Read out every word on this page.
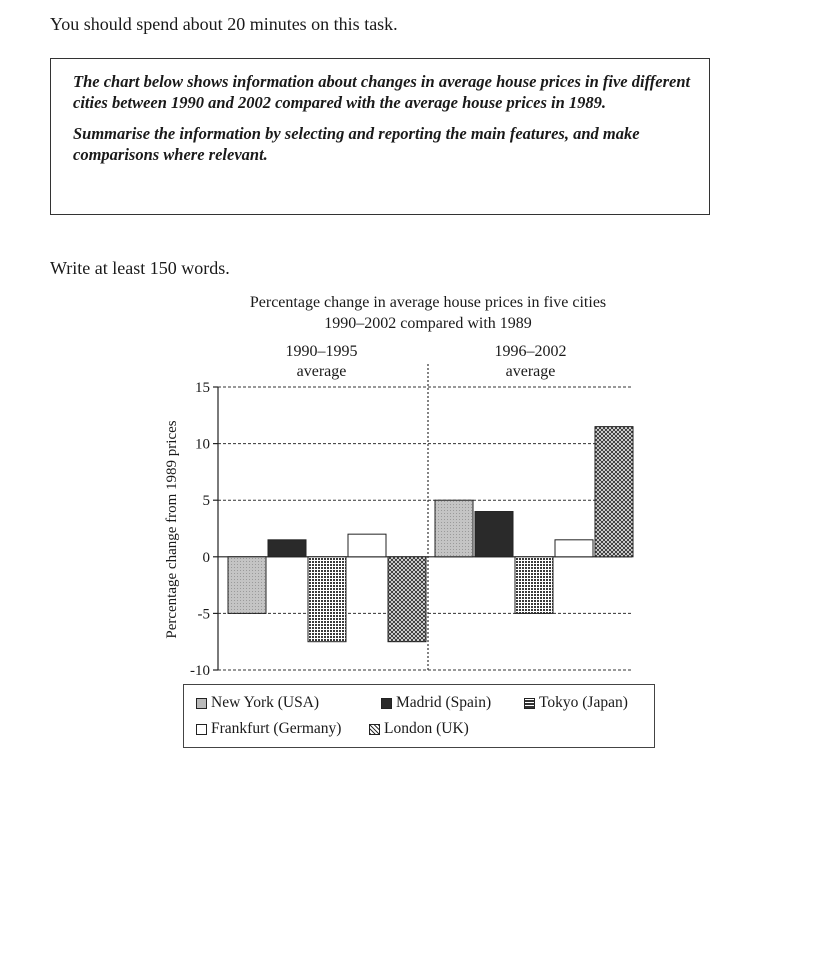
You should spend about 20 minutes on this task.

The chart below shows information about changes in average house prices in five different cities between 1990 and 2002 compared with the average house prices in 1989.

Summarise the information by selecting and reporting the main features, and make comparisons where relevant.

Write at least 150 words.

Percentage change in average house prices in five cities

1990–2002 compared with 1989

15
10
5
0
-5
-10
Percentage change from 1989 prices
1990–1995
average
1996–2002
average
New York (USA)	Madrid (Spain)	Tokyo (Japan)
Frankfurt (Germany)	London (UK)
